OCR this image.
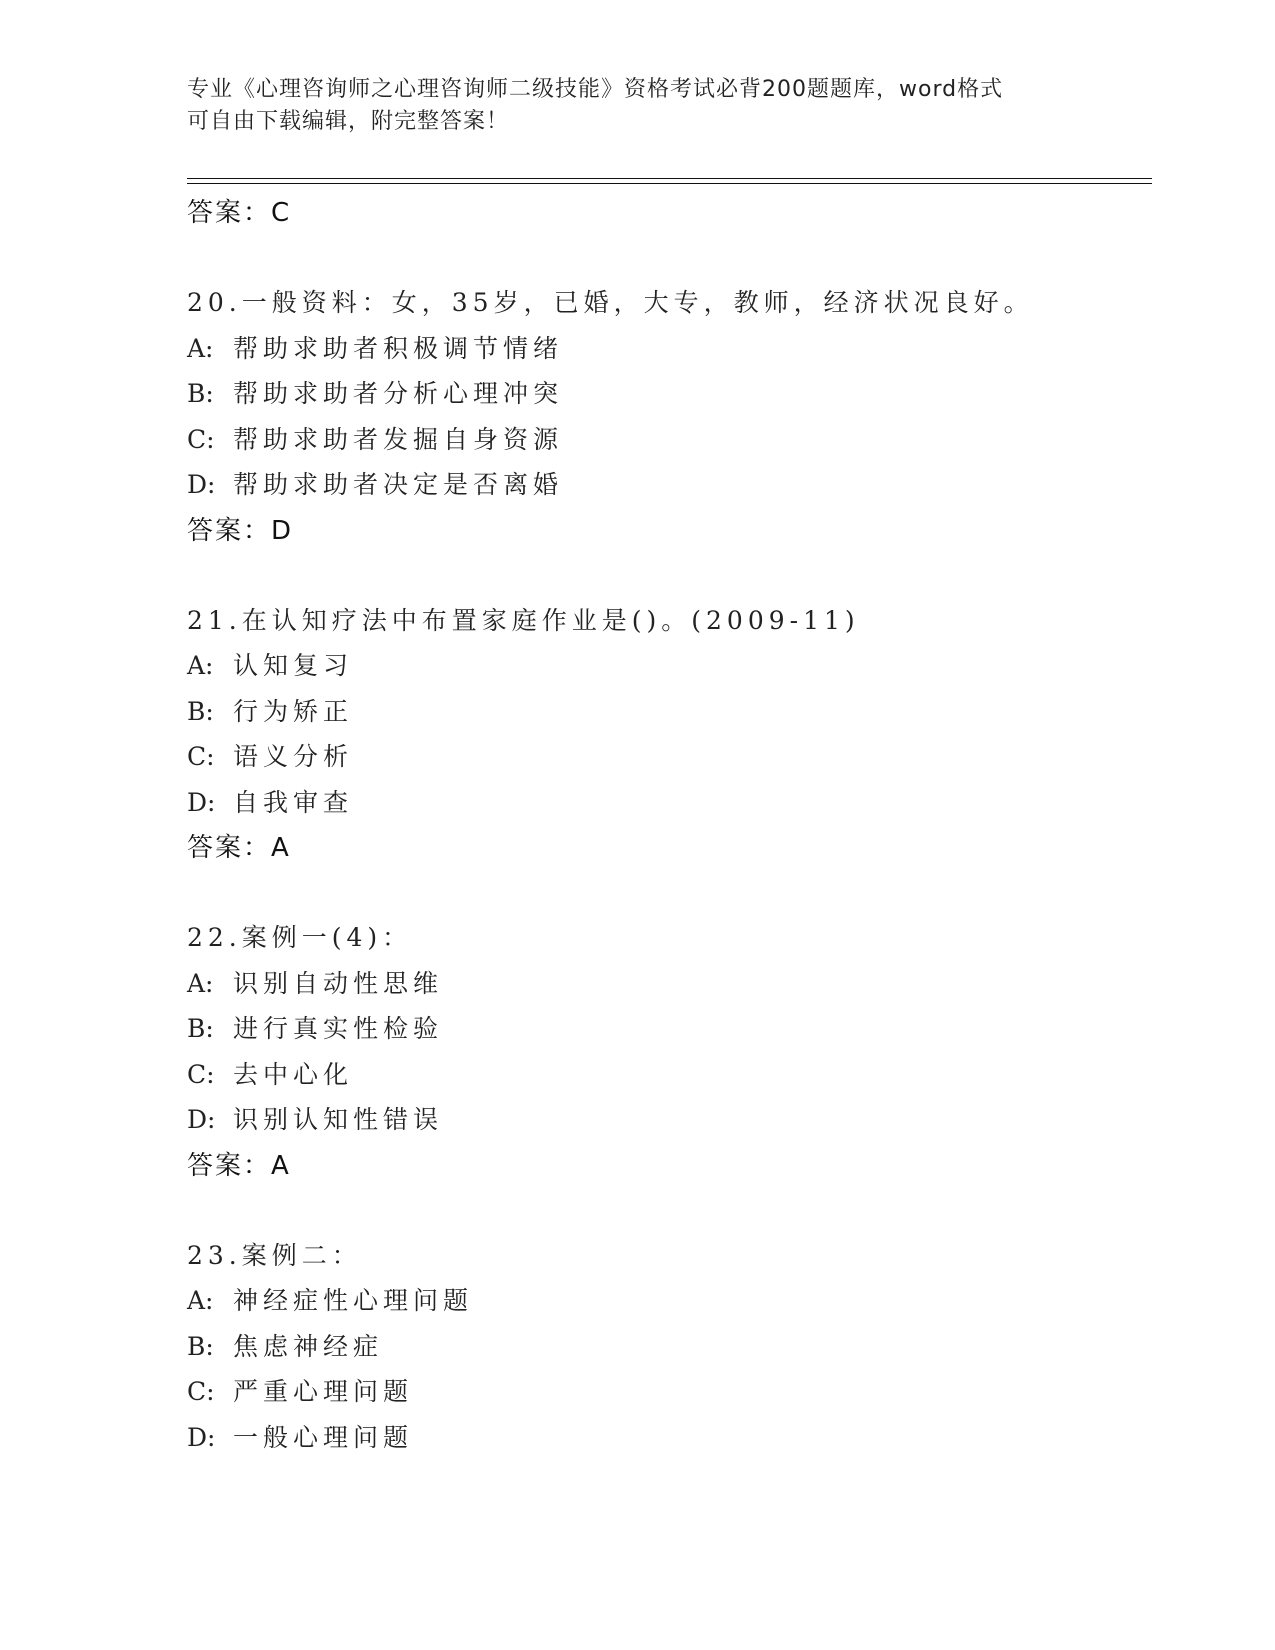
专业《心理咨询师之心理咨询师二级技能》资格考试必背200题题库，word格式
可自由下载编辑，附完整答案！
答案：C
20.一般资料：女，35岁，已婚，大专，教师，经济状况良好。
A: 帮助求助者积极调节情绪
B: 帮助求助者分析心理冲突
C: 帮助求助者发掘自身资源
D: 帮助求助者决定是否离婚
答案：D
21.在认知疗法中布置家庭作业是()。(2009-11)
A: 认知复习
B: 行为矫正
C: 语义分析
D: 自我审查
答案：A
22.案例一(4)：
A: 识别自动性思维
B: 进行真实性检验
C: 去中心化
D: 识别认知性错误
答案：A
23.案例二：
A: 神经症性心理问题
B: 焦虑神经症
C: 严重心理问题
D: 一般心理问题
